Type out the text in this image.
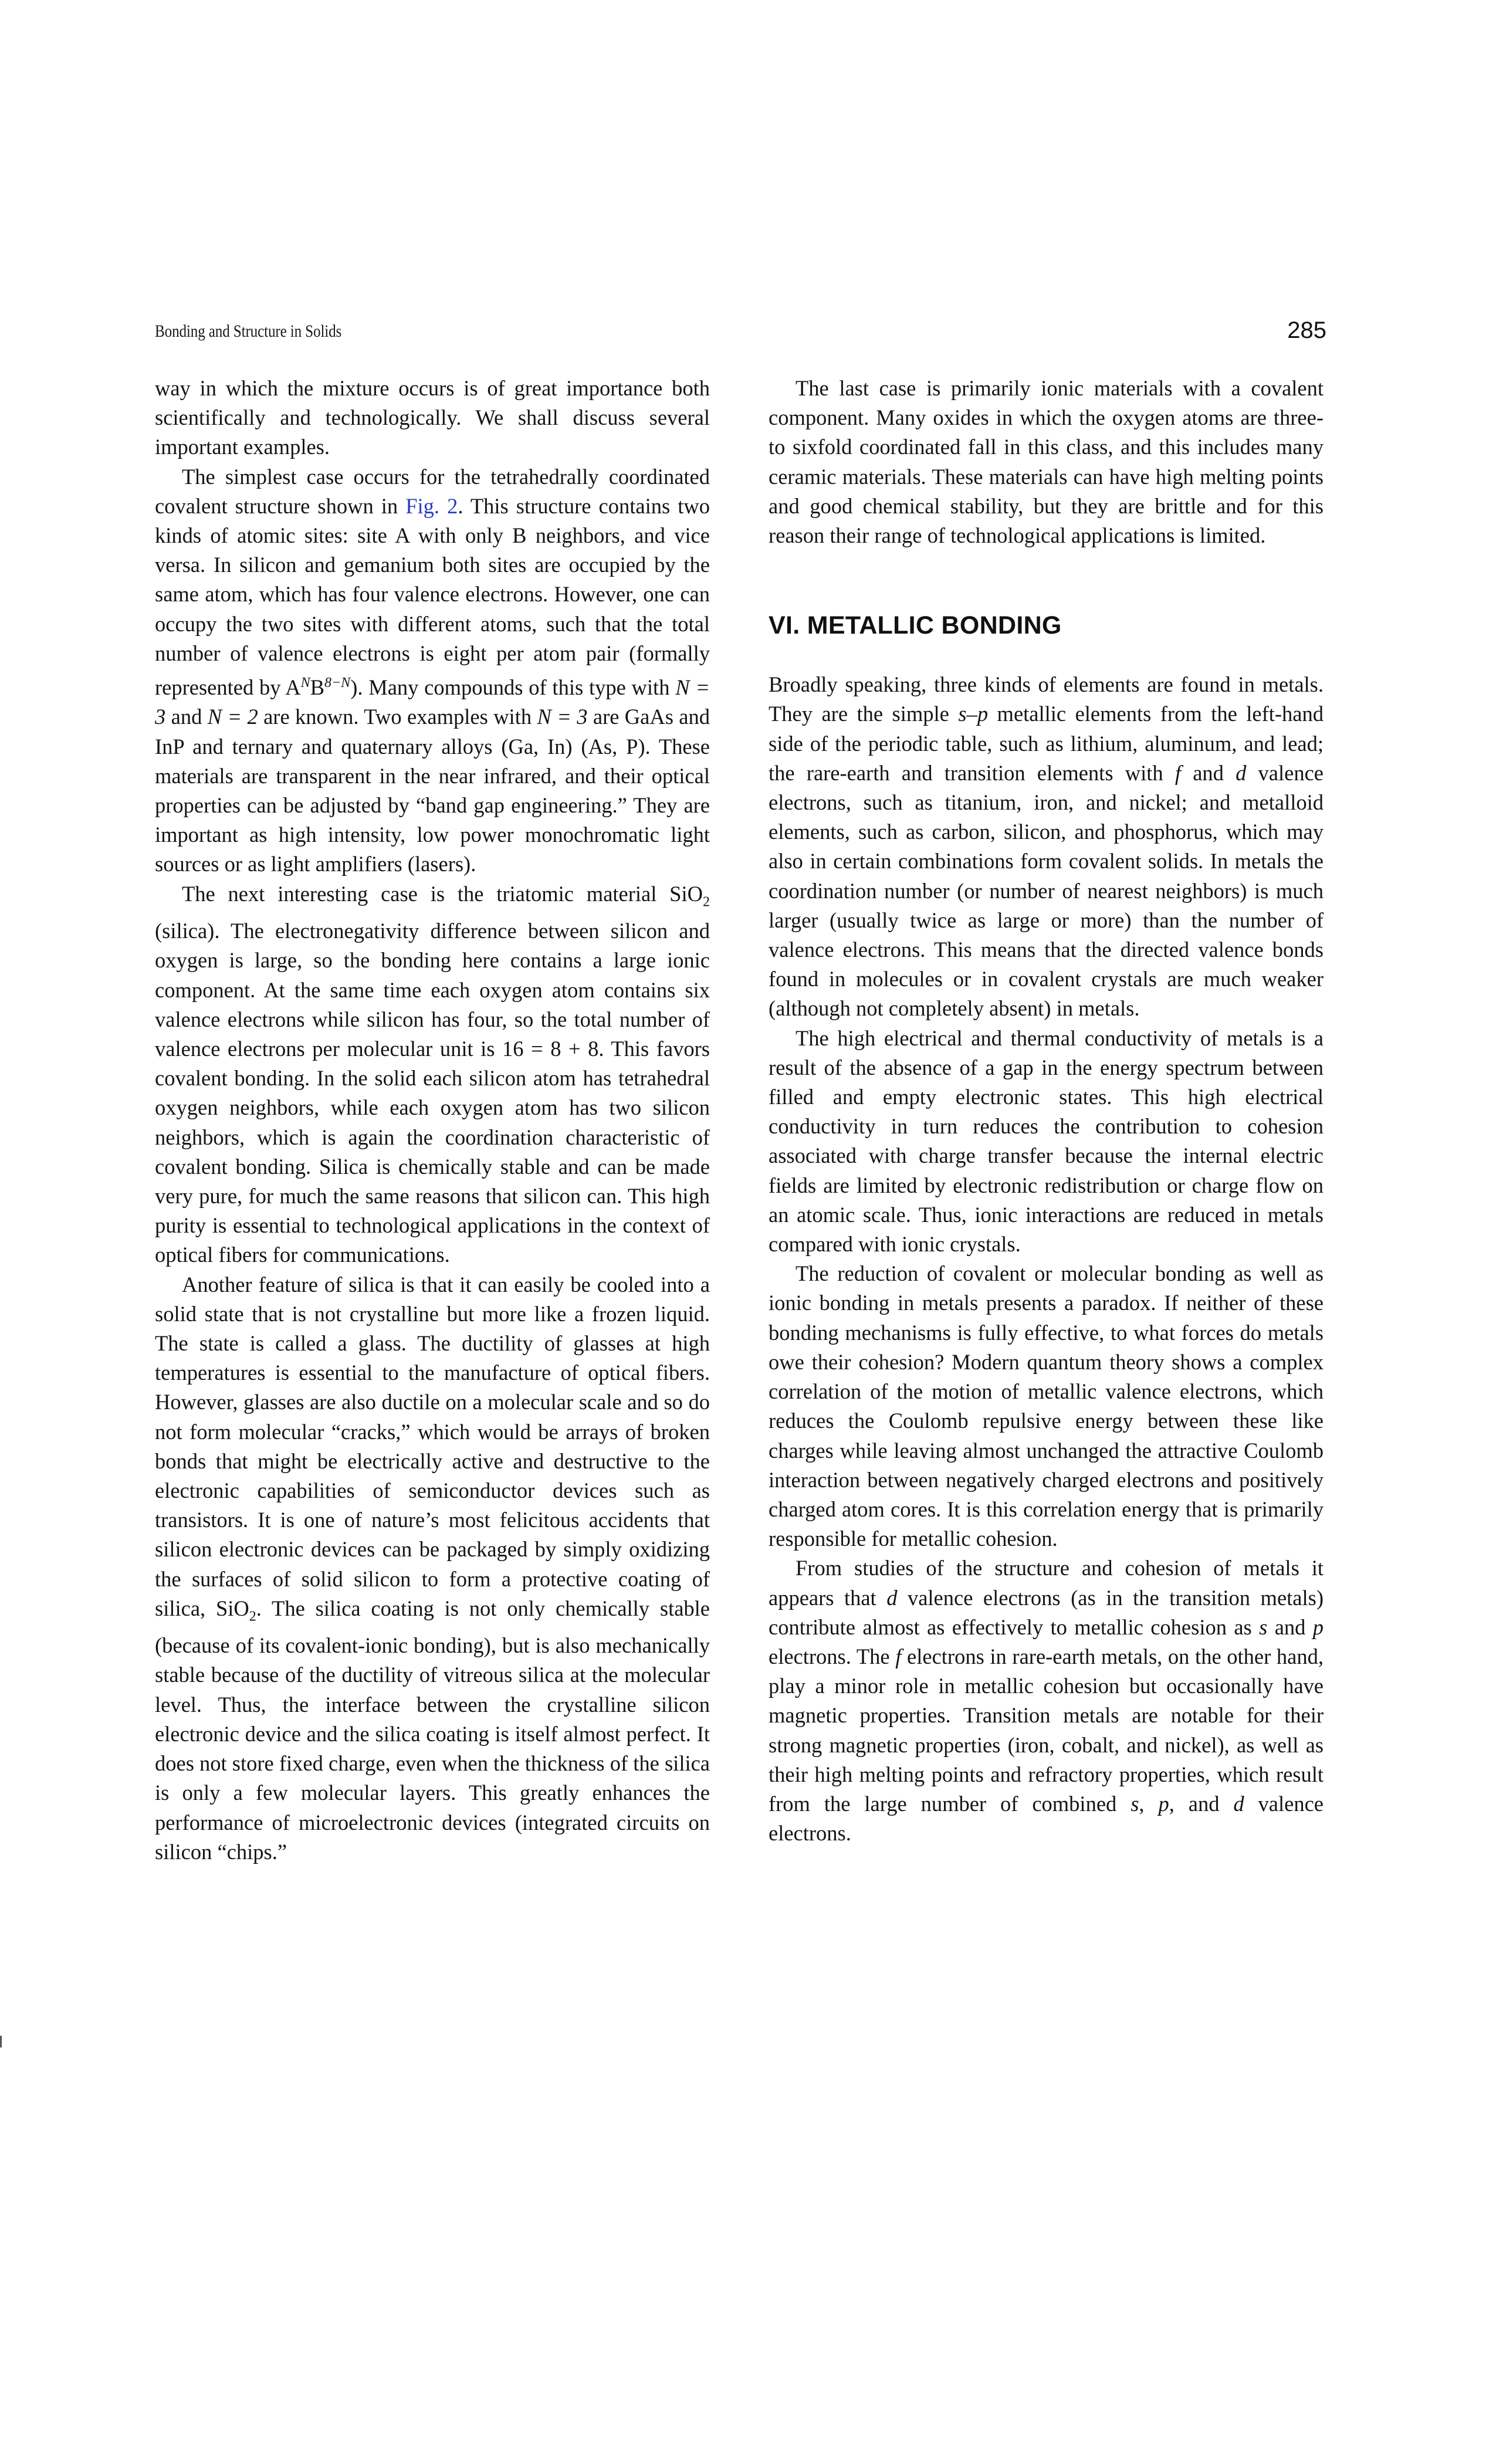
Bonding and Structure in Solids	285

way in which the mixture occurs is of great importance both scientifically and technologically. We shall discuss several important examples.

The simplest case occurs for the tetrahedrally coordinated covalent structure shown in Fig. 2. This structure contains two kinds of atomic sites: site A with only B neighbors, and vice versa. In silicon and gemanium both sites are occupied by the same atom, which has four valence electrons. However, one can occupy the two sites with different atoms, such that the total number of valence electrons is eight per atom pair (formally represented by $A^NB^{8-N}$). Many compounds of this type with N = 3 and N = 2 are known. Two examples with N = 3 are GaAs and InP and ternary and quaternary alloys (Ga, In) (As, P). These materials are transparent in the near infrared, and their optical properties can be adjusted by “band gap engineering.” They are important as high intensity, low power monochromatic light sources or as light amplifiers (lasers).

The next interesting case is the triatomic material SiO$_2$ (silica). The electronegativity difference between silicon and oxygen is large, so the bonding here contains a large ionic component. At the same time each oxygen atom contains six valence electrons while silicon has four, so the total number of valence electrons per molecular unit is 16 = 8 + 8. This favors covalent bonding. In the solid each silicon atom has tetrahedral oxygen neighbors, while each oxygen atom has two silicon neighbors, which is again the coordination characteristic of covalent bonding. Silica is chemically stable and can be made very pure, for much the same reasons that silicon can. This high purity is essential to technological applications in the context of optical fibers for communications.

Another feature of silica is that it can easily be cooled into a solid state that is not crystalline but more like a frozen liquid. The state is called a glass. The ductility of glasses at high temperatures is essential to the manufacture of optical fibers. However, glasses are also ductile on a molecular scale and so do not form molecular “cracks,” which would be arrays of broken bonds that might be electrically active and destructive to the electronic capabilities of semiconductor devices such as transistors. It is one of nature’s most felicitous accidents that silicon electronic devices can be packaged by simply oxidizing the surfaces of solid silicon to form a protective coating of silica, SiO$_2$. The silica coating is not only chemically stable (because of its covalent-ionic bonding), but is also mechanically stable because of the ductility of vitreous silica at the molecular level. Thus, the interface between the crystalline silicon electronic device and the silica coating is itself almost perfect. It does not store fixed charge, even when the thickness of the silica is only a few molecular layers. This greatly enhances the performance of microelectronic devices (integrated circuits on silicon “chips.”

The last case is primarily ionic materials with a covalent component. Many oxides in which the oxygen atoms are three- to sixfold coordinated fall in this class, and this includes many ceramic materials. These materials can have high melting points and good chemical stability, but they are brittle and for this reason their range of technological applications is limited.

VI. METALLIC BONDING

Broadly speaking, three kinds of elements are found in metals. They are the simple s–p metallic elements from the left-hand side of the periodic table, such as lithium, aluminum, and lead; the rare-earth and transition elements with f and d valence electrons, such as titanium, iron, and nickel; and metalloid elements, such as carbon, silicon, and phosphorus, which may also in certain combinations form covalent solids. In metals the coordination number (or number of nearest neighbors) is much larger (usually twice as large or more) than the number of valence electrons. This means that the directed valence bonds found in molecules or in covalent crystals are much weaker (although not completely absent) in metals.

The high electrical and thermal conductivity of metals is a result of the absence of a gap in the energy spectrum between filled and empty electronic states. This high electrical conductivity in turn reduces the contribution to cohesion associated with charge transfer because the internal electric fields are limited by electronic redistribution or charge flow on an atomic scale. Thus, ionic interactions are reduced in metals compared with ionic crystals.

The reduction of covalent or molecular bonding as well as ionic bonding in metals presents a paradox. If neither of these bonding mechanisms is fully effective, to what forces do metals owe their cohesion? Modern quantum theory shows a complex correlation of the motion of metallic valence electrons, which reduces the Coulomb repulsive energy between these like charges while leaving almost unchanged the attractive Coulomb interaction between negatively charged electrons and positively charged atom cores. It is this correlation energy that is primarily responsible for metallic cohesion.

From studies of the structure and cohesion of metals it appears that d valence electrons (as in the transition metals) contribute almost as effectively to metallic cohesion as s and p electrons. The f electrons in rare-earth metals, on the other hand, play a minor role in metallic cohesion but occasionally have magnetic properties. Transition metals are notable for their strong magnetic properties (iron, cobalt, and nickel), as well as their high melting points and refractory properties, which result from the large number of combined s, p, and d valence electrons.
